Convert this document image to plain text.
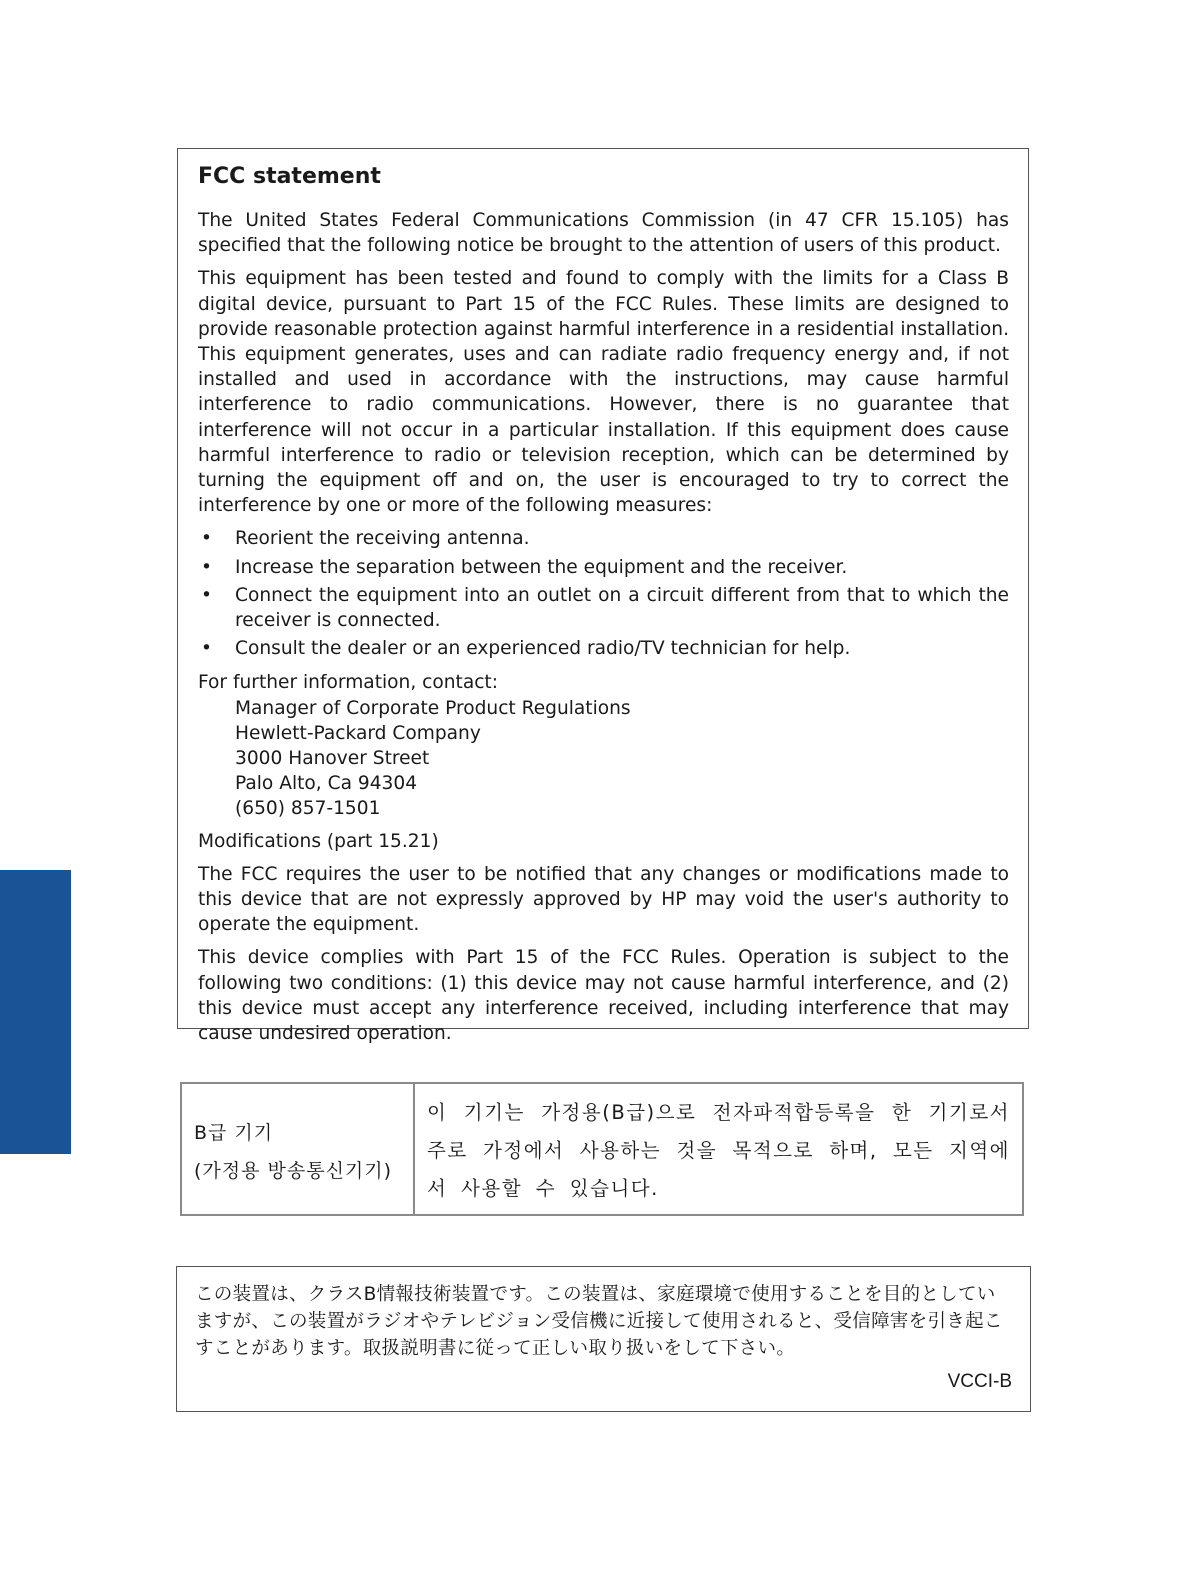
FCC statement

The United States Federal Communications Commission (in 47 CFR 15.105) has specified that the following notice be brought to the attention of users of this product.

This equipment has been tested and found to comply with the limits for a Class B digital device, pursuant to Part 15 of the FCC Rules. These limits are designed to provide reasonable protection against harmful interference in a residential installation. This equipment generates, uses and can radiate radio frequency energy and, if not installed and used in accordance with the instructions, may cause harmful interference to radio communications. However, there is no guarantee that interference will not occur in a particular installation. If this equipment does cause harmful interference to radio or television reception, which can be determined by turning the equipment off and on, the user is encouraged to try to correct the interference by one or more of the following measures:

• Reorient the receiving antenna.
• Increase the separation between the equipment and the receiver.
• Connect the equipment into an outlet on a circuit different from that to which the receiver is connected.
• Consult the dealer or an experienced radio/TV technician for help.

For further information, contact:

Manager of Corporate Product Regulations
Hewlett-Packard Company
3000 Hanover Street
Palo Alto, Ca 94304
(650) 857-1501

Modifications (part 15.21)

The FCC requires the user to be notified that any changes or modifications made to this device that are not expressly approved by HP may void the user's authority to operate the equipment.

This device complies with Part 15 of the FCC Rules. Operation is subject to the following two conditions: (1) this device may not cause harmful interference, and (2) this device must accept any interference received, including interference that may cause undesired operation.

B급 기기
(가정용 방송통신기기)
이 기기는 가정용(B급)으로 전자파적합등록을 한 기기로서 주로 가정에서 사용하는 것을 목적으로 하며, 모든 지역에서 사용할 수 있습니다.

この装置は、クラスB情報技術装置です。この装置は、家庭環境で使用することを目的としていますが、この装置がラジオやテレビジョン受信機に近接して使用されると、受信障害を引き起こすことがあります。取扱説明書に従って正しい取り扱いをして下さい。

VCCI-B
